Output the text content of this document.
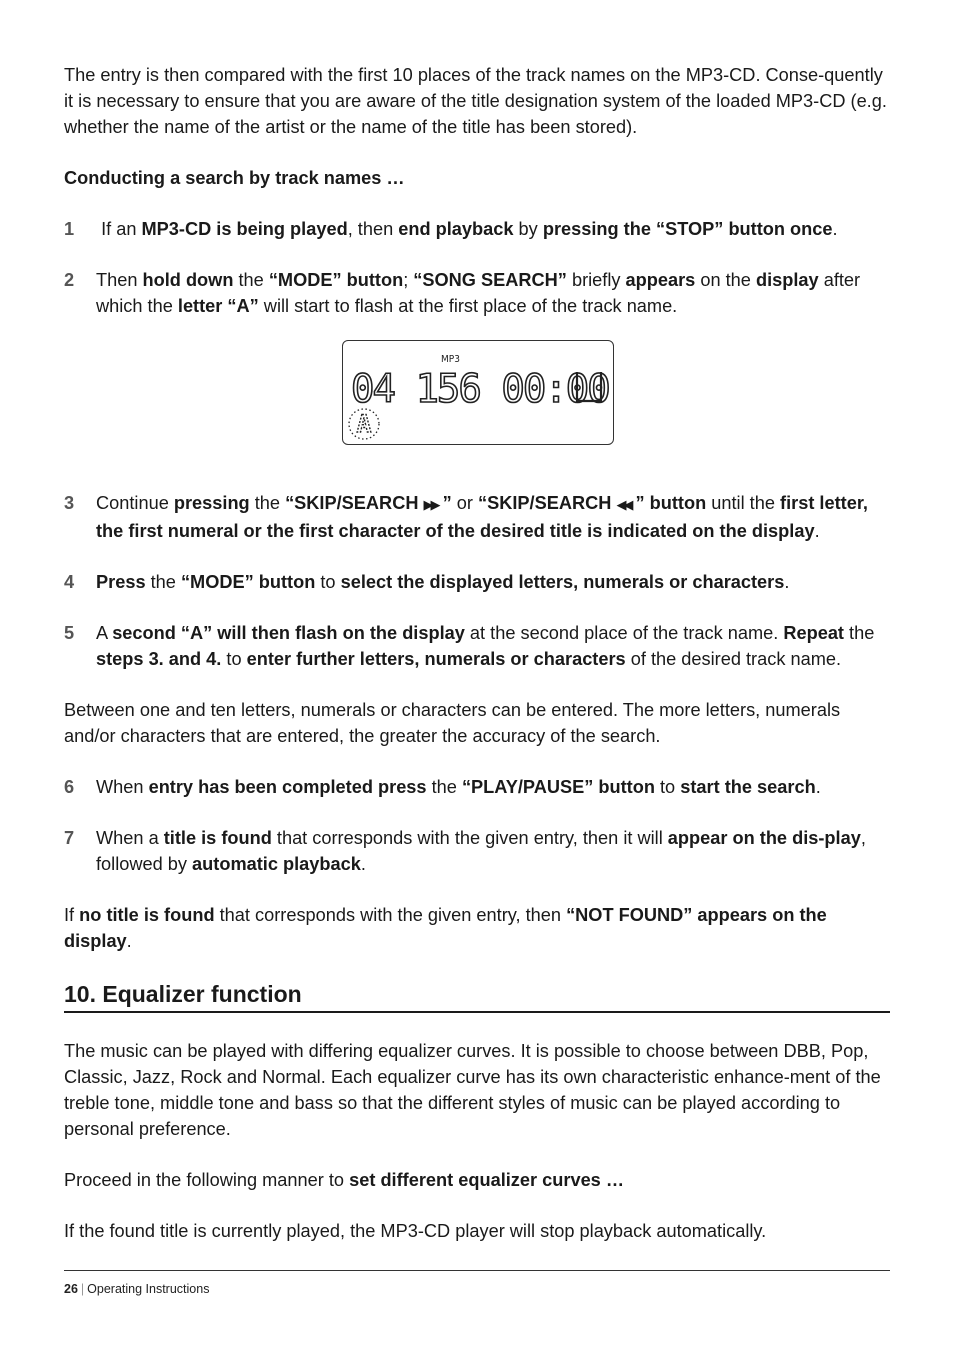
The entry is then compared with the first 10 places of the track names on the MP3-CD. Conse-quently it is necessary to ensure that you are aware of the title designation system of the loaded MP3-CD (e.g. whether the name of the artist or the name of the title has been stored).

Conducting a search by track names …

1	If an MP3-CD is being played, then end playback by pressing the “STOP” button once.
2	Then hold down the “MODE” button; “SONG SEARCH” briefly appears on the display after which the letter “A” will start to flash at the first place of the track name.
MP3
04 156 00:00
A
3	Continue pressing the “SKIP/SEARCH ▶▶ ” or “SKIP/SEARCH ◀◀ ” button until the first letter, the first numeral or the first character of the desired title is indicated on the display.
4	Press the “MODE” button to select the displayed letters, numerals or characters.
5	A second “A” will then flash on the display at the second place of the track name. Repeat the steps 3. and 4. to enter further letters, numerals or characters of the desired track name.

Between one and ten letters, numerals or characters can be entered. The more letters, numerals and/or characters that are entered, the greater the accuracy of the search.

6	When entry has been completed press the “PLAY/PAUSE” button to start the search.
7	When a title is found that corresponds with the given entry, then it will appear on the dis-play, followed by automatic playback.

If no title is found that corresponds with the given entry, then “NOT FOUND” appears on the display.

10. Equalizer function

The music can be played with differing equalizer curves. It is possible to choose between DBB, Pop, Classic, Jazz, Rock and Normal. Each equalizer curve has its own characteristic enhance-ment of the treble tone, middle tone and bass so that the different styles of music can be played according to personal preference.

Proceed in the following manner to set different equalizer curves …

If the found title is currently played, the MP3-CD player will stop playback automatically.

26 | Operating Instructions
